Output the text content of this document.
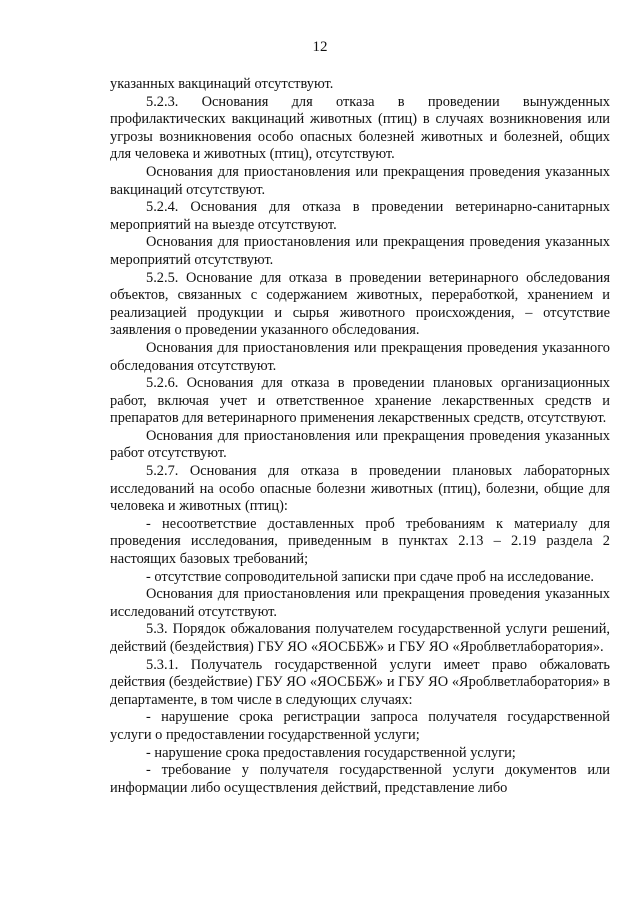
12

указанных вакцинаций отсутствуют.

5.2.3. Основания для отказа в проведении вынужденных профилактических вакцинаций животных (птиц) в случаях возникновения или угрозы возникновения особо опасных болезней животных и болезней, общих для человека и животных (птиц), отсутствуют.

Основания для приостановления или прекращения проведения указанных вакцинаций отсутствуют.

5.2.4. Основания для отказа в проведении ветеринарно-санитарных мероприятий на выезде отсутствуют.

Основания для приостановления или прекращения проведения указанных мероприятий отсутствуют.

5.2.5. Основание для отказа в проведении ветеринарного обследования объектов, связанных с содержанием животных, переработкой, хранением и реализацией продукции и сырья животного происхождения, – отсутствие заявления о проведении указанного обследования.

Основания для приостановления или прекращения проведения указанного обследования отсутствуют.

5.2.6. Основания для отказа в проведении плановых организационных работ, включая учет и ответственное хранение лекарственных средств и препаратов для ветеринарного применения лекарственных средств, отсутствуют.

Основания для приостановления или прекращения проведения указанных работ отсутствуют.

5.2.7. Основания для отказа в проведении плановых лабораторных исследований на особо опасные болезни животных (птиц), болезни, общие для человека и животных (птиц):

- несоответствие доставленных проб требованиям к материалу для проведения исследования, приведенным в пунктах 2.13 – 2.19 раздела 2 настоящих базовых требований;

- отсутствие сопроводительной записки при сдаче проб на исследование.

Основания для приостановления или прекращения проведения указанных исследований отсутствуют.

5.3. Порядок обжалования получателем государственной услуги решений, действий (бездействия) ГБУ ЯО «ЯОСББЖ» и ГБУ ЯО «Яроблветлаборатория».

5.3.1. Получатель государственной услуги имеет право обжаловать действия (бездействие) ГБУ ЯО «ЯОСББЖ» и ГБУ ЯО «Яроблветлаборатория» в департаменте, в том числе в следующих случаях:

- нарушение срока регистрации запроса получателя государственной услуги о предоставлении государственной услуги;

- нарушение срока предоставления государственной услуги;

- требование у получателя государственной услуги документов или информации либо осуществления действий, представление либо
